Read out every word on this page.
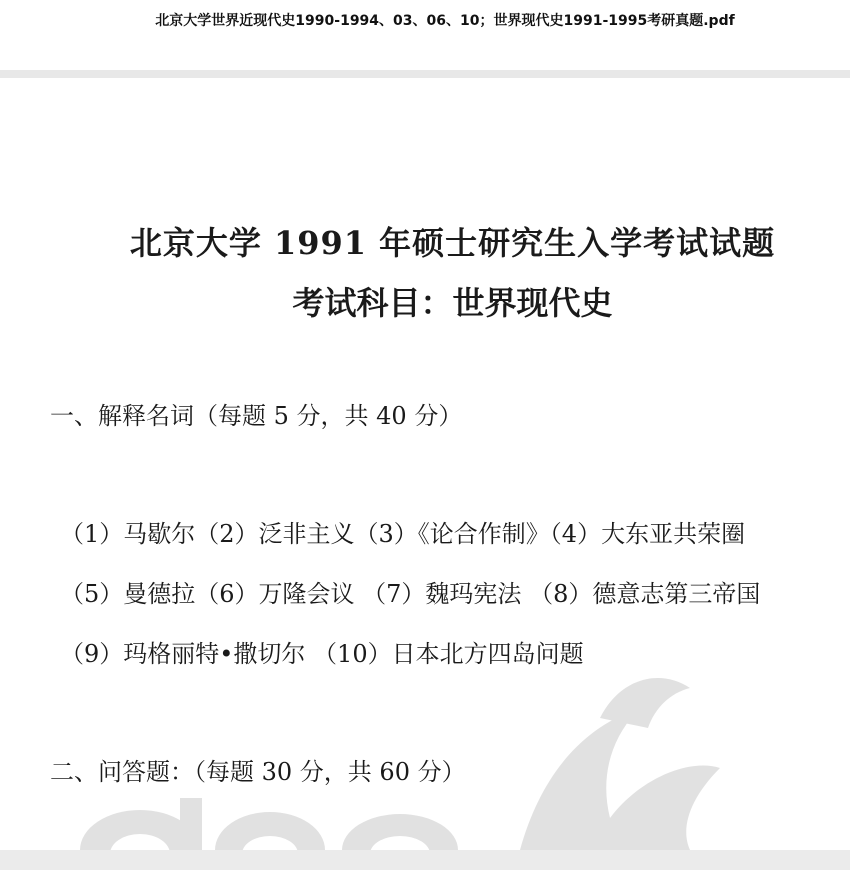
北京大学世界近现代史1990-1994、03、06、10；世界现代史1991-1995考研真题.pdf
北京大学 1991 年硕士研究生入学考试试题
考试科目：世界现代史
一、解释名词（每题 5 分，共 40 分）
（1）马歇尔（2）泛非主义（3）《论合作制》（4）大东亚共荣圈
（5）曼德拉（6）万隆会议 （7）魏玛宪法 （8）德意志第三帝国
（9）玛格丽特•撒切尔 （10）日本北方四岛问题
二、问答题：（每题 30 分，共 60 分）
